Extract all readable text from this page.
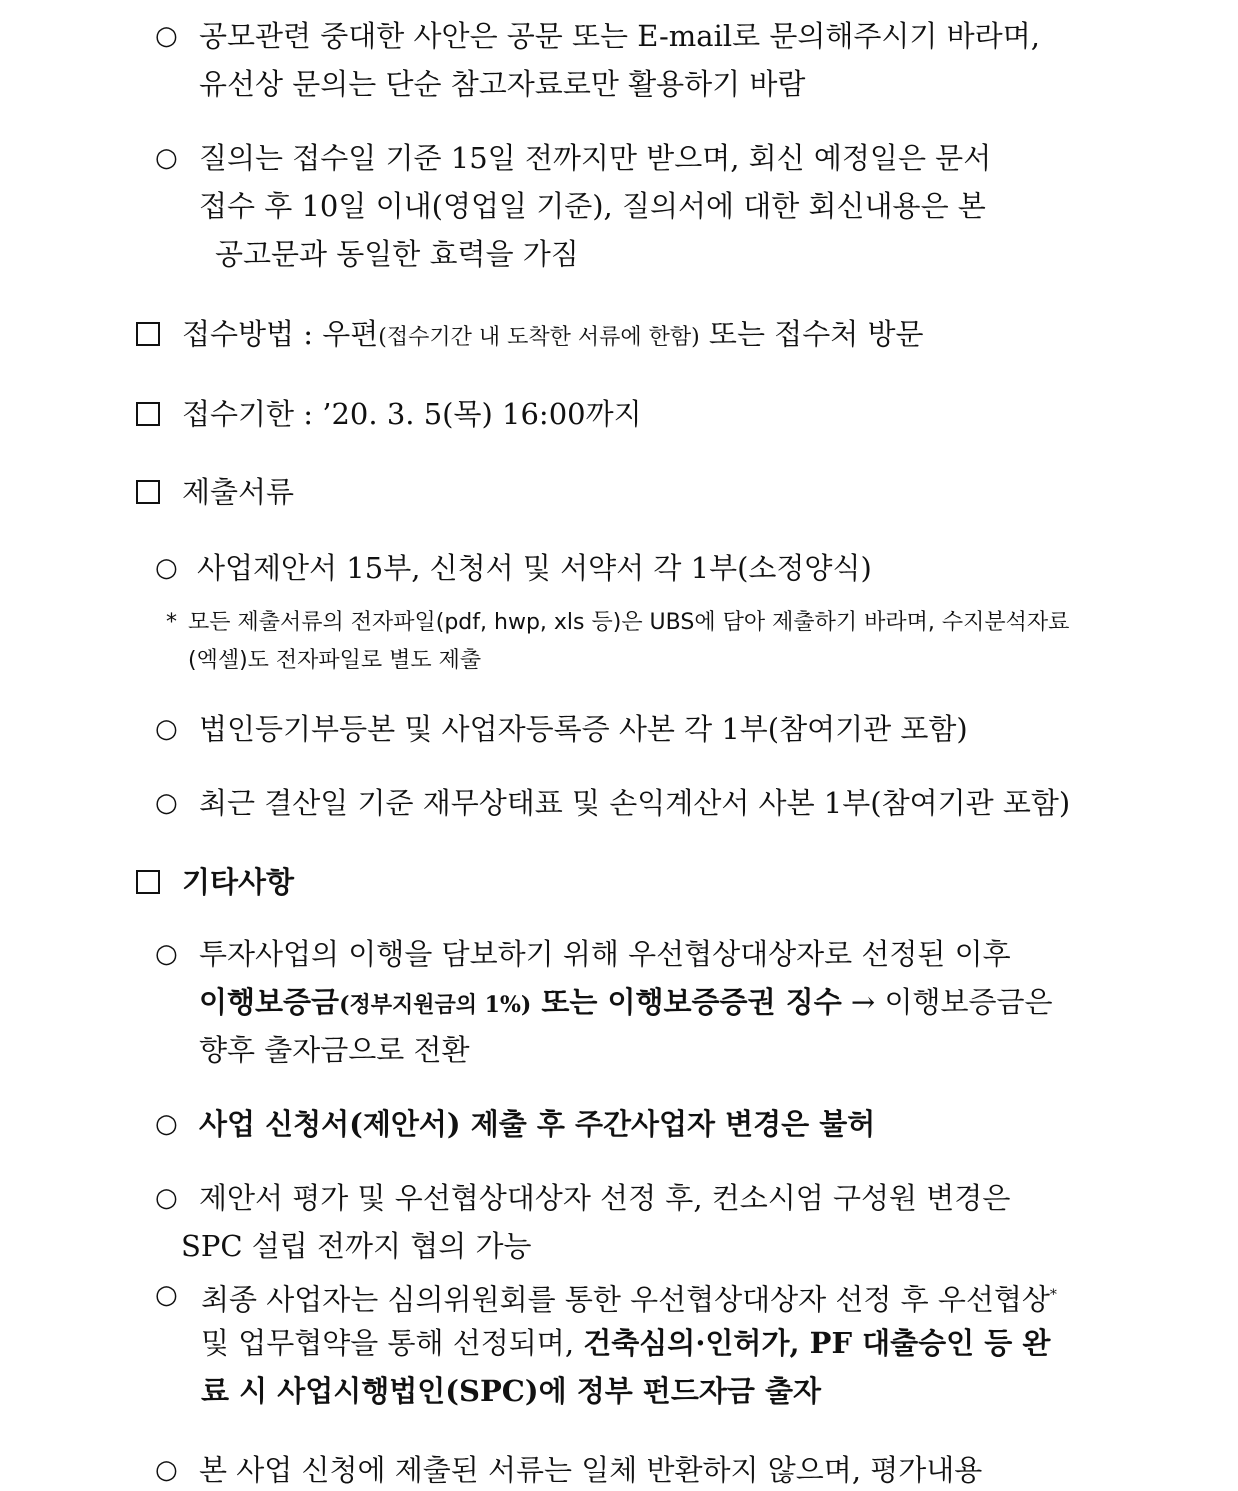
○ 공모관련 중대한 사안은 공문 또는 E-mail로 문의해주시기 바라며,
유선상 문의는 단순 참고자료로만 활용하기 바람
○ 질의는 접수일 기준 15일 전까지만 받으며, 회신 예정일은 문서
접수 후 10일 이내(영업일 기준), 질의서에 대한 회신내용은 본
공고문과 동일한 효력을 가짐
접수방법 : 우편(접수기간 내 도착한 서류에 한함) 또는 접수처 방문
접수기한 : ’20. 3. 5(목) 16:00까지
제출서류
○ 사업제안서 15부, 신청서 및 서약서 각 1부(소정양식)
* 모든 제출서류의 전자파일(pdf, hwp, xls 등)은 UBS에 담아 제출하기 바라며, 수지분석자료
(엑셀)도 전자파일로 별도 제출
○ 법인등기부등본 및 사업자등록증 사본 각 1부(참여기관 포함)
○ 최근 결산일 기준 재무상태표 및 손익계산서 사본 1부(참여기관 포함)
기타사항
○ 투자사업의 이행을 담보하기 위해 우선협상대상자로 선정된 이후
이행보증금(정부지원금의 1%) 또는 이행보증증권 징수 → 이행보증금은
향후 출자금으로 전환
○ 사업 신청서(제안서) 제출 후 주간사업자 변경은 불허
○ 제안서 평가 및 우선협상대상자 선정 후, 컨소시엄 구성원 변경은
SPC 설립 전까지 협의 가능
○ 최종 사업자는 심의위원회를 통한 우선협상대상자 선정 후 우선협상*
및 업무협약을 통해 선정되며, 건축심의·인허가, PF 대출승인 등 완
료 시 사업시행법인(SPC)에 정부 펀드자금 출자
○ 본 사업 신청에 제출된 서류는 일체 반환하지 않으며, 평가내용
